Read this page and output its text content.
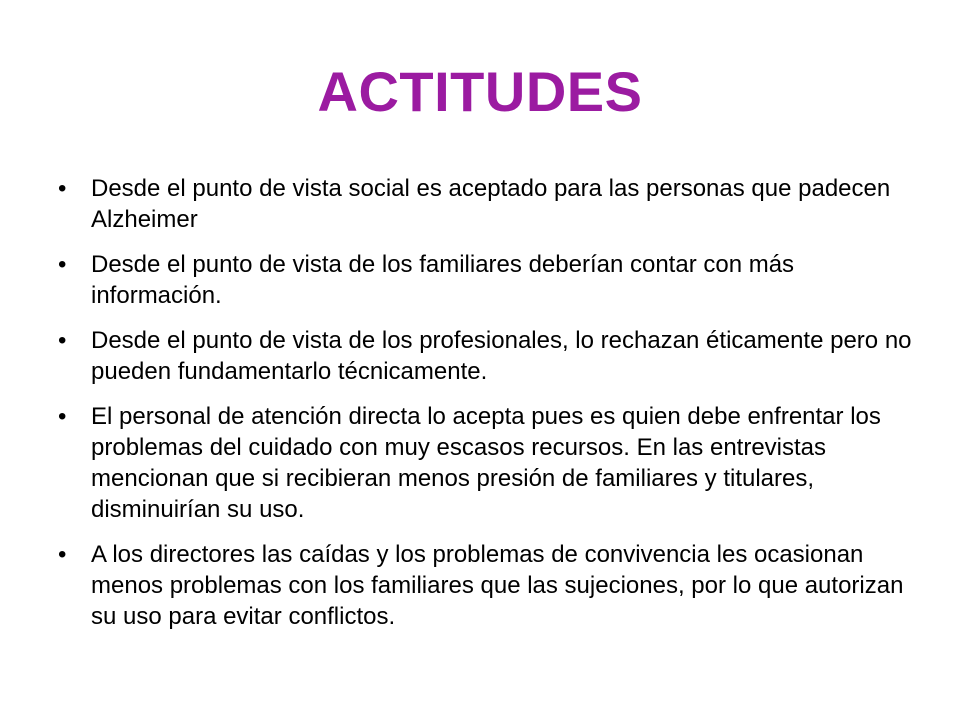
ACTITUDES
•	Desde el punto de vista social es aceptado para las personas que padecen Alzheimer
•	Desde el punto de vista de los familiares deberían contar con más información.
•	Desde el punto de vista de los profesionales, lo rechazan éticamente pero no pueden fundamentarlo técnicamente.
•	El personal de atención directa lo acepta pues es quien debe enfrentar los problemas del cuidado con muy escasos recursos. En las entrevistas mencionan que si recibieran menos presión de familiares y titulares, disminuirían su uso.
•	A los directores las caídas y los problemas de convivencia les ocasionan menos problemas con los familiares que las sujeciones, por lo que autorizan su uso para evitar conflictos.
